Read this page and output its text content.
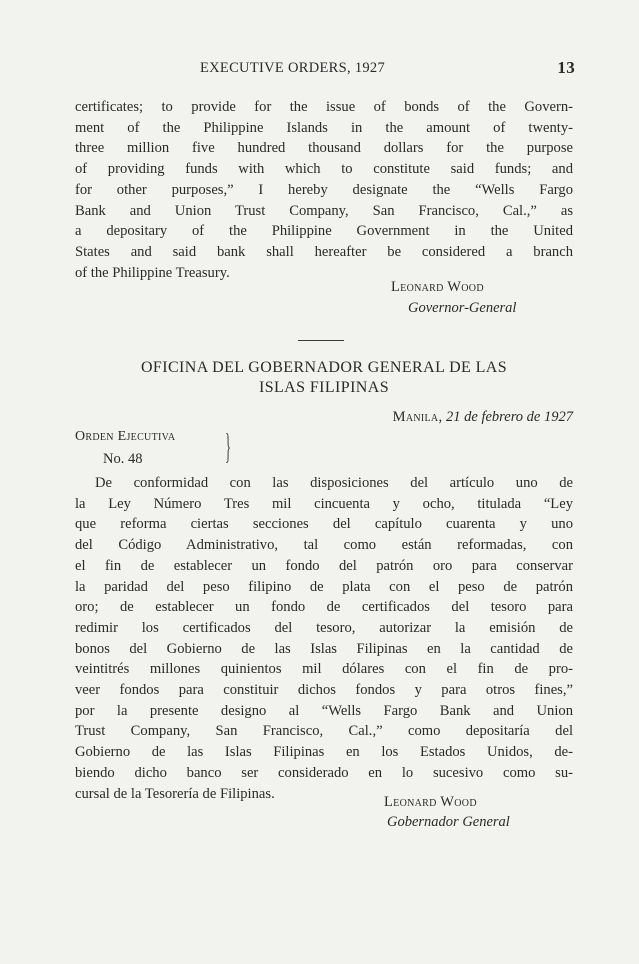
EXECUTIVE ORDERS, 1927	13

certificates; to provide for the issue of bonds of the Govern-
ment of the Philippine Islands in the amount of twenty-
three million five hundred thousand dollars for the purpose
of providing funds with which to constitute said funds; and
for other purposes,” I hereby designate the “Wells Fargo
Bank and Union Trust Company, San Francisco, Cal.,” as
a depositary of the Philippine Government in the United
States and said bank shall hereafter be considered a branch
of the Philippine Treasury.

Leonard Wood
Governor-General
OFICINA DEL GOBERNADOR GENERAL DE LAS
ISLAS FILIPINAS
Manila, 21 de febrero de 1927
Orden Ejecutiva
No. 48 }

De conformidad con las disposiciones del artículo uno de
la Ley Número Tres mil cincuenta y ocho, titulada “Ley
que reforma ciertas secciones del capítulo cuarenta y uno
del Código Administrativo, tal como están reformadas, con
el fin de establecer un fondo del patrón oro para conservar
la paridad del peso filipino de plata con el peso de patrón
oro; de establecer un fondo de certificados del tesoro para
redimir los certificados del tesoro, autorizar la emisión de
bonos del Gobierno de las Islas Filipinas en la cantidad de
veintitrés millones quinientos mil dólares con el fin de pro-
veer fondos para constituir dichos fondos y para otros fines,”
por la presente designo al “Wells Fargo Bank and Union
Trust Company, San Francisco, Cal.,” como depositaría del
Gobierno de las Islas Filipinas en los Estados Unidos, de-
biendo dicho banco ser considerado en lo sucesivo como su-
cursal de la Tesorería de Filipinas.

Leonard Wood
Gobernador General
